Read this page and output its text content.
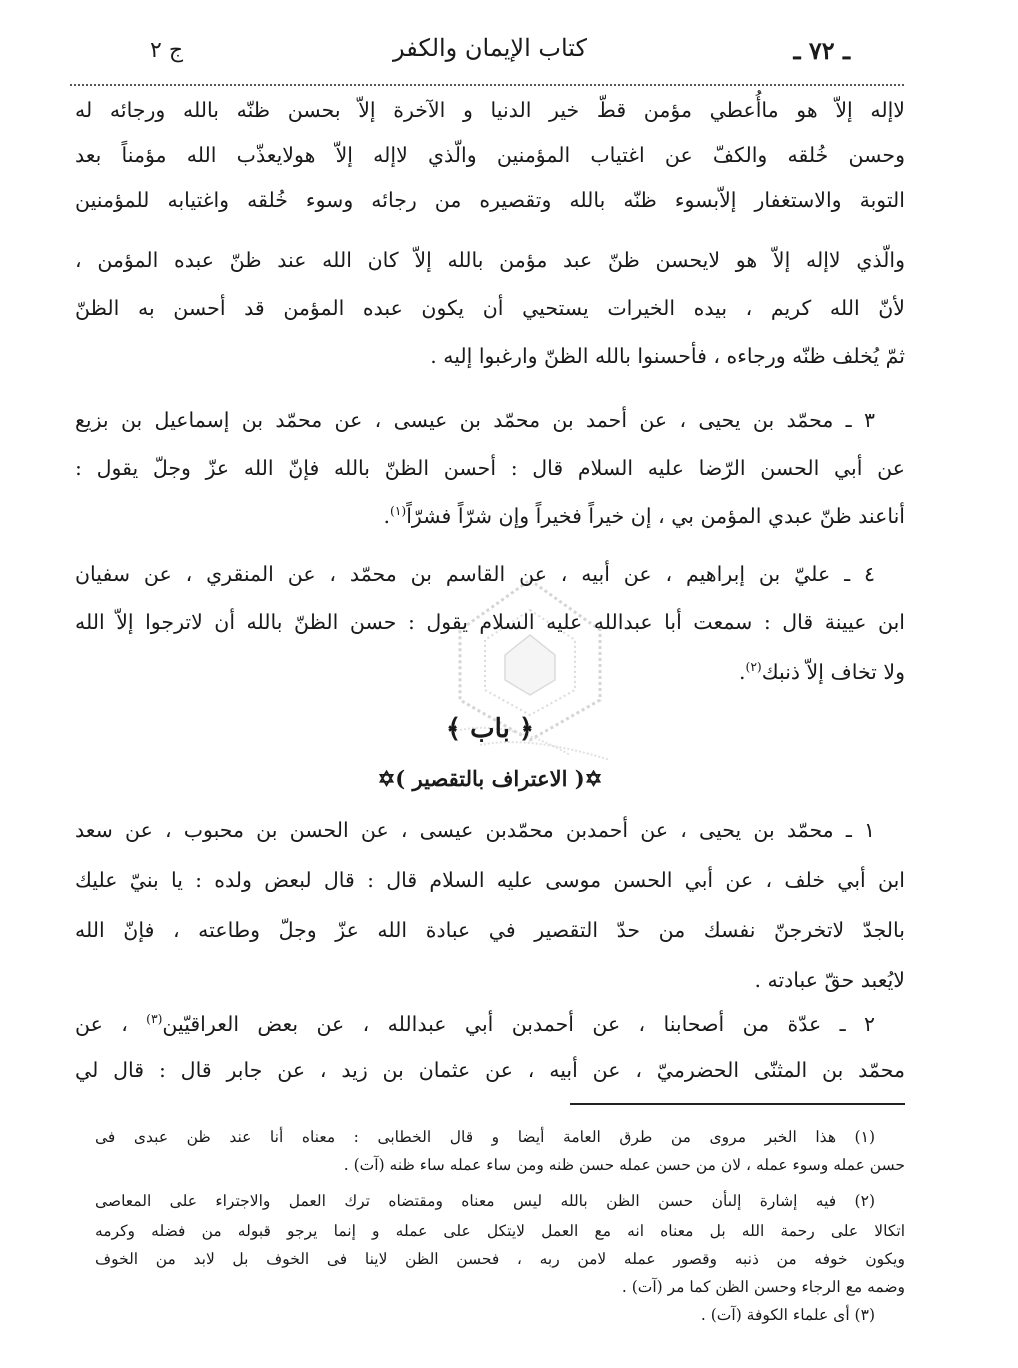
ـ ٧٢ ـ
كتاب الإيمان والكفر
ج ٢
لاإله إلاّ هو ماأُعطي مؤمن قطّ خير الدنيا و الآخرة إلاّ بحسن ظنّه بالله ورجائه له
وحسن خُلقه والكفّ عن اغتياب المؤمنين والّذي لاإله إلاّ هولايعذّب الله مؤمناً بعد
التوبة والاستغفار إلاّبسوء ظنّه بالله وتقصيره من رجائه وسوء خُلقه واغتيابه للمؤمنين
والّذي لاإله إلاّ هو لايحسن ظنّ عبد مؤمن بالله إلاّ كان الله عند ظنّ عبده المؤمن ،
لأنّ الله كريم ، بيده الخيرات يستحيي أن يكون عبده المؤمن قد أحسن به الظنّ
ثمّ يُخلف ظنّه ورجاءه ، فأحسنوا بالله الظنّ وارغبوا إليه .
٣ ـ محمّد بن يحيى ، عن أحمد بن محمّد بن عيسى ، عن محمّد بن إسماعيل بن بزيع
عن أبي الحسن الرّضا عليه السلام قال : أحسن الظنّ بالله فإنّ الله عزّ وجلّ يقول :
أناعند ظنّ عبدي المؤمن بي ، إن خيراً فخيراً وإن شرّاً فشرّاً$^{(١)}$.
٤ ـ عليّ بن إبراهيم ، عن أبيه ، عن القاسم بن محمّد ، عن المنقري ، عن سفيان
ابن عيينة قال : سمعت أبا عبدالله عليه السلام يقول : حسن الظنّ بالله أن لاترجوا إلاّ الله
ولا تخاف إلاّ ذنبك$^{(٢)}$.
﴿ باب ﴾
✡( الاعتراف بالتقصير )✡
١ ـ محمّد بن يحيى ، عن أحمدبن محمّدبن عيسى ، عن الحسن بن محبوب ، عن سعد
ابن أبي خلف ، عن أبي الحسن موسى عليه السلام قال : قال لبعض ولده : يا بنيّ عليك
بالجدّ لاتخرجنّ نفسك من حدّ التقصير في عبادة الله عزّ وجلّ وطاعته ، فإنّ الله
لايُعبد حقّ عبادته .
٢ ـ عدّة من أصحابنا ، عن أحمدبن أبي عبدالله ، عن بعض العراقيّين$^{(٣)}$ ، عن
محمّد بن المثنّى الحضرميّ ، عن أبيه ، عن عثمان بن زيد ، عن جابر قال : قال لي
(١) هذا الخبر مروى من طرق العامة أيضا و قال الخطابى : معناه أنا عند ظن عبدى فى
حسن عمله وسوء عمله ، لان من حسن عمله حسن ظنه ومن ساء عمله ساء ظنه (آت) .
(٢) فيه إشارة إلىأن حسن الظن بالله ليس معناه ومقتضاه ترك العمل والاجتراء على المعاصى
اتكالا على رحمة الله بل معناه انه مع العمل لايتكل على عمله و إنما يرجو قبوله من فضله وكرمه
ويكون خوفه من ذنبه وقصور عمله لامن ربه ، فحسن الظن لاينا فى الخوف بل لابد من الخوف
وضمه مع الرجاء وحسن الظن كما مر (آت) .
(٣) أى علماء الكوفة (آت) .
